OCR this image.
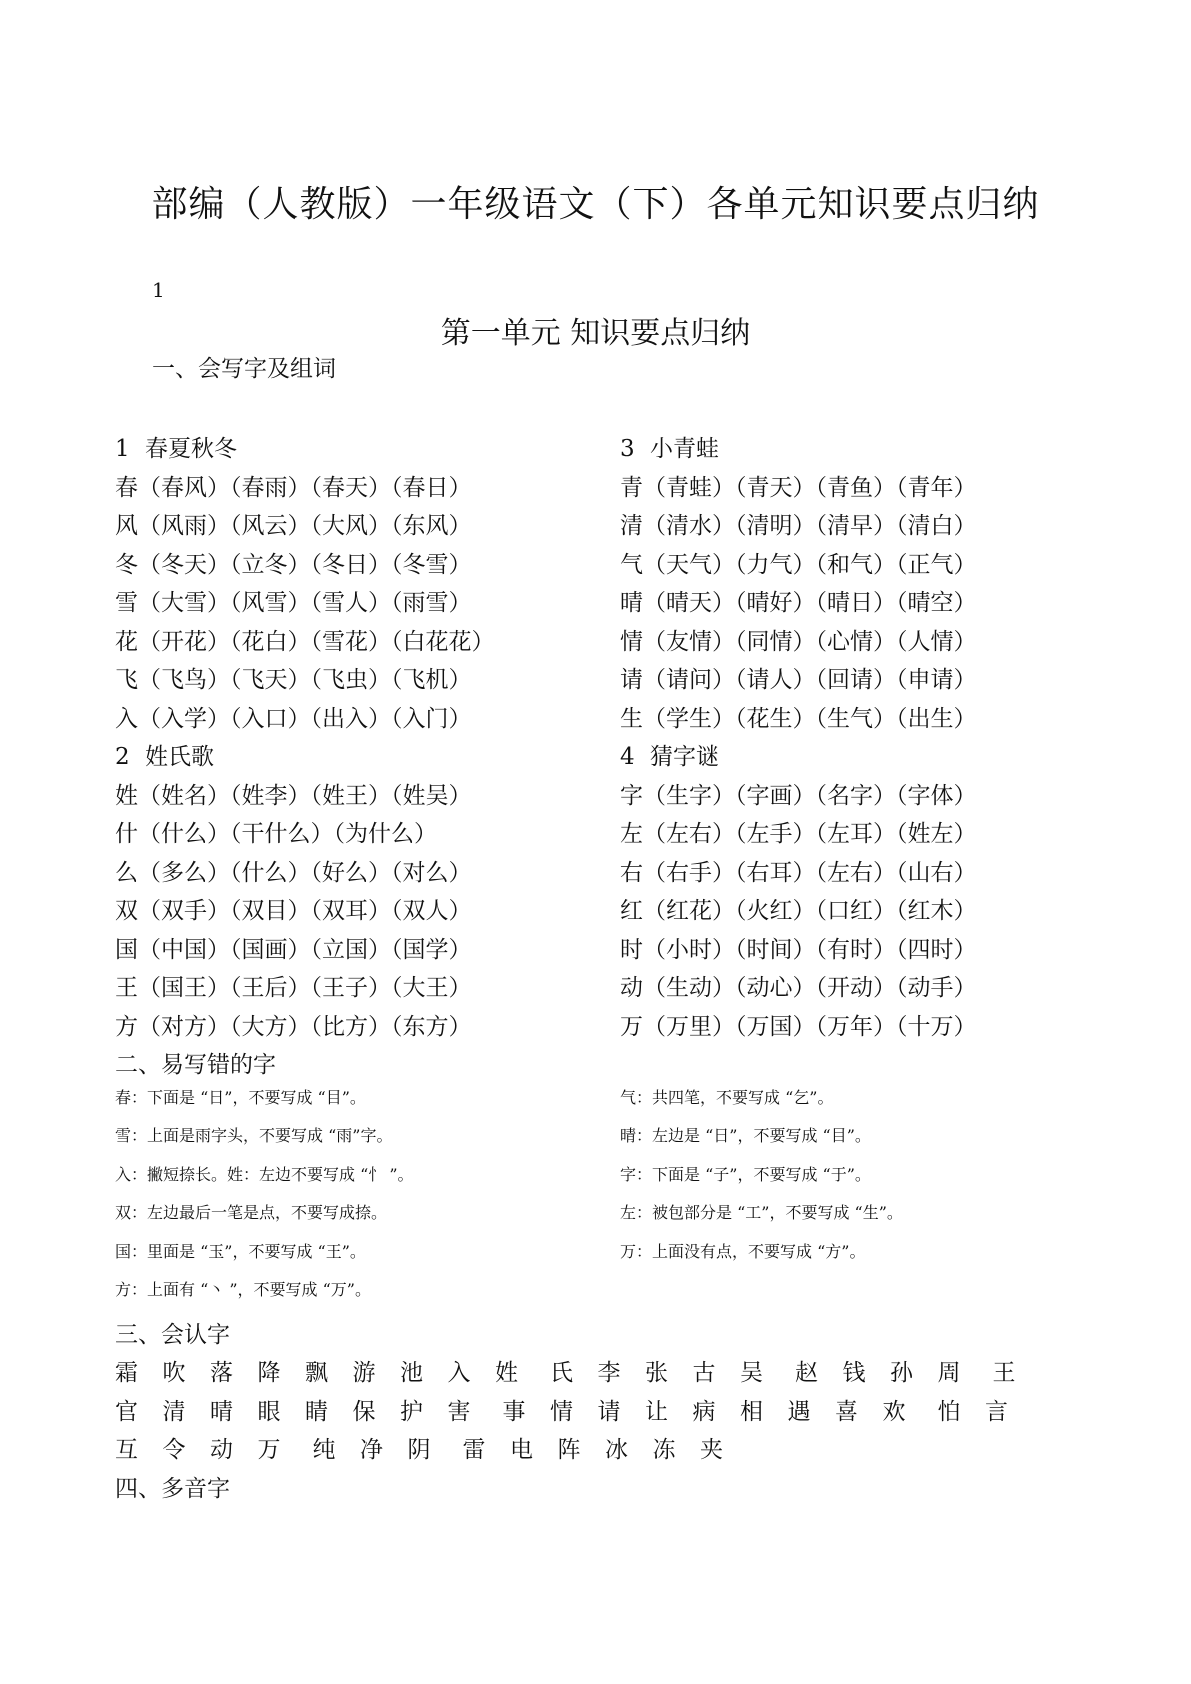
部编（人教版）一年级语文（下）各单元知识要点归纳
1
第一单元 知识要点归纳
一、会写字及组词
1 春夏秋冬
春（春风）（春雨）（春天）（春日）
风（风雨）（风云）（大风）（东风）
冬（冬天）（立冬）（冬日）（冬雪）
雪（大雪）（风雪）（雪人）（雨雪）
花（开花）（花白）（雪花）（白花花）
飞（飞鸟）（飞天）（飞虫）（飞机）
入（入学）（入口）（出入）（入门）
2 姓氏歌
姓（姓名）（姓李）（姓王）（姓吴）
什（什么）（干什么）（为什么）
么（多么）（什么）（好么）（对么）
双（双手）（双目）（双耳）（双人）
国（中国）（国画）（立国）（国学）
王（国王）（王后）（王子）（大王）
方（对方）（大方）（比方）（东方）
3 小青蛙
青（青蛙）（青天）（青鱼）（青年）
清（清水）（清明）（清早）（清白）
气（天气）（力气）（和气）（正气）
晴（晴天）（晴好）（晴日）（晴空）
情（友情）（同情）（心情）（人情）
请（请问）（请人）（回请）（申请）
生（学生）（花生）（生气）（出生）
4 猜字谜
字（生字）（字画）（名字）（字体）
左（左右）（左手）（左耳）（姓左）
右（右手）（右耳）（左右）（山右）
红（红花）（火红）（口红）（红木）
时（小时）（时间）（有时）（四时）
动（生动）（动心）（开动）（动手）
万（万里）（万国）（万年）（十万）
二、易写错的字
春：下面是 “日”，不要写成 “目”。	气：共四笔，不要写成 “乞”。
雪：上面是雨字头，不要写成 “雨”字。	晴：左边是 “日”，不要写成 “目”。
入：撇短捺长。姓：左边不要写成 “忄 ”。	字：下面是 “子”，不要写成 “于”。
双：左边最后一笔是点，不要写成捺。	左：被包部分是 “工”，不要写成 “生”。
国：里面是 “玉”，不要写成 “王”。	万：上面没有点，不要写成 “方”。
方：上面有 “丶 ”，不要写成 “万”。
三、会认字
霜	吹	落	降	飘	游	池	入	姓	氏	李	张	古	吴	赵	钱	孙	周	王
官	清	晴	眼	睛	保	护	害	事	情	请	让	病	相	遇	喜	欢	怕	言
互	令	动	万	纯	净	阴	雷	电	阵	冰	冻	夹
四、多音字
